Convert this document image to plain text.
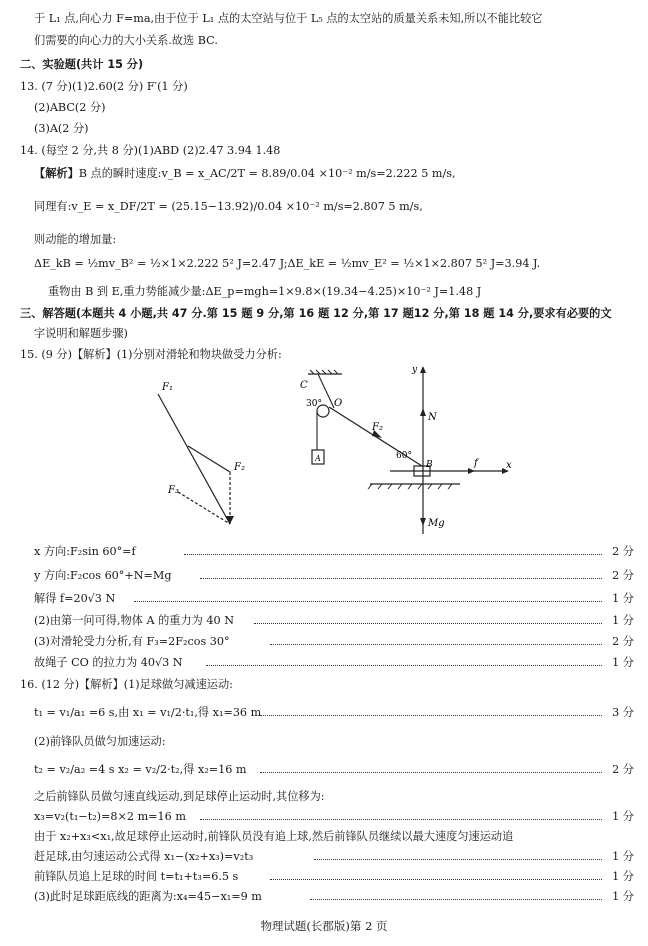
于 L₁ 点,向心力 F=ma,由于位于 L₁ 点的太空站与位于 L₅ 点的太空站的质量关系未知,所以不能比较它
们需要的向心力的大小关系.故选 BC.
二、实验题(共计 15 分)
13. (7 分)(1)2.60(2 分) F′(1 分)
(2)ABC(2 分)
(3)A(2 分)
14. (每空 2 分,共 8 分)(1)ABD (2)2.47 3.94 1.48
【解析】B 点的瞬时速度:v_B = x_AC/2T = 8.89/0.04 ×10⁻² m/s=2.222 5 m/s,
同理有:v_E = x_DF/2T = (25.15−13.92)/0.04 ×10⁻² m/s=2.807 5 m/s,
则动能的增加量:
ΔE_kB = ½mv_B² = ½×1×2.222 5² J=2.47 J;ΔE_kE = ½mv_E² = ½×1×2.807 5² J=3.94 J.
重物由 B 到 E,重力势能减少量:ΔE_p=mgh=1×9.8×(19.34−4.25)×10⁻² J=1.48 J
三、解答题(本题共 4 小题,共 47 分.第 15 题 9 分,第 16 题 12 分,第 17 题12 分,第 18 题 14 分,要求有必要的文
字说明和解题步骤)
15. (9 分)【解析】(1)分别对滑轮和物块做受力分析:
F₁
F₂
F₃
C
30° O
A
F₂
N
y
x
60°
B	f
Mg
x 方向:F₂sin 60°=f	2 分
y 方向:F₂cos 60°+N=Mg	2 分
解得 f=20√3 N	1 分
(2)由第一问可得,物体 A 的重力为 40 N	1 分
(3)对滑轮受力分析,有 F₃=2F₂cos 30°	2 分
故绳子 CO 的拉力为 40√3 N	1 分
16. (12 分)【解析】(1)足球做匀减速运动:
t₁ = v₁/a₁ =6 s,由 x₁ = v₁/2·t₁,得 x₁=36 m	3 分
(2)前锋队员做匀加速运动:
t₂ = v₂/a₂ =4 s x₂ = v₂/2·t₂,得 x₂=16 m	2 分
之后前锋队员做匀速直线运动,到足球停止运动时,其位移为:
x₃=v₂(t₁−t₂)=8×2 m=16 m	1 分
由于 x₂+x₃<x₁,故足球停止运动时,前锋队员没有追上球,然后前锋队员继续以最大速度匀速运动追
赶足球,由匀速运动公式得 x₁−(x₂+x₃)=v₂t₃	1 分
前锋队员追上足球的时间 t=t₁+t₃=6.5 s	1 分
(3)此时足球距底线的距离为:x₄=45−x₁=9 m	1 分
物理试题(长郡版)第 2 页
